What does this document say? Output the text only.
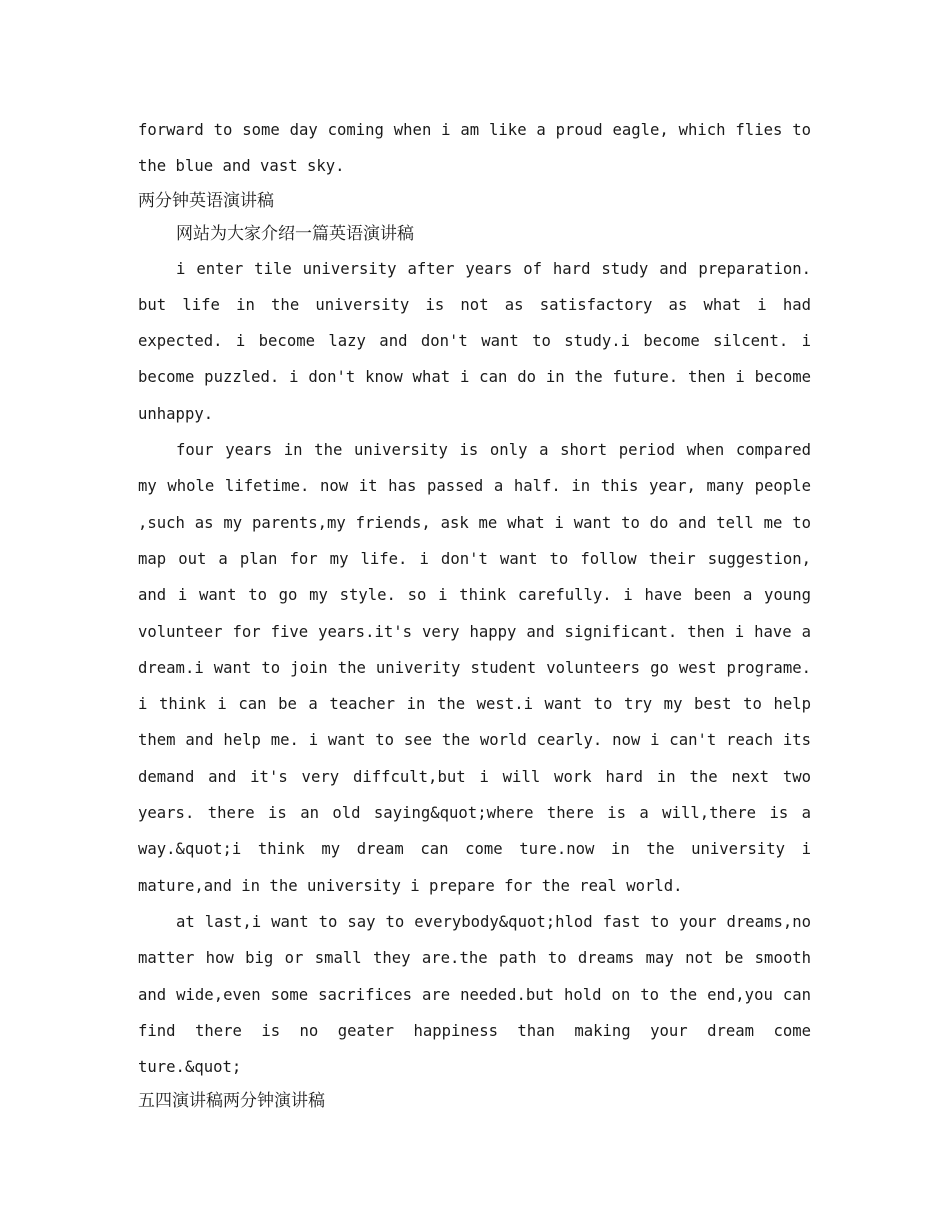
forward to some day coming when i am like a proud eagle, which flies to the blue and vast sky.

两分钟英语演讲稿

网站为大家介绍一篇英语演讲稿

i enter tile university after years of hard study and preparation. but life in the university is not as satisfactory as what i had expected. i become lazy and don't want to study.i become silcent. i become puzzled. i don't know what i can do in the future. then i become unhappy.

four years in the university is only a short period when compared my whole lifetime. now it has passed a half. in this year, many people ,such as my parents,my friends, ask me what i want to do and tell me to map out a plan for my life. i don't want to follow their suggestion, and i want to go my style. so i think carefully. i have been a young volunteer for five years.it's very happy and significant. then i have a dream.i want to join the univerity student volunteers go west programe. i think i can be a teacher in the west.i want to try my best to help them and help me. i want to see the world cearly. now i can't reach its demand and it's very diffcult,but i will work hard in the next two years. there is an old saying&quot;where there is a will,there is a way.&quot;i think my dream can come ture.now in the university i mature,and in the university i prepare for the real world.

at last,i want to say to everybody&quot;hlod fast to your dreams,no matter how big or small they are.the path to dreams may not be smooth and wide,even some sacrifices are needed.but hold on to the end,you can find there is no geater happiness than making your dream come ture.&quot;

五四演讲稿两分钟演讲稿
